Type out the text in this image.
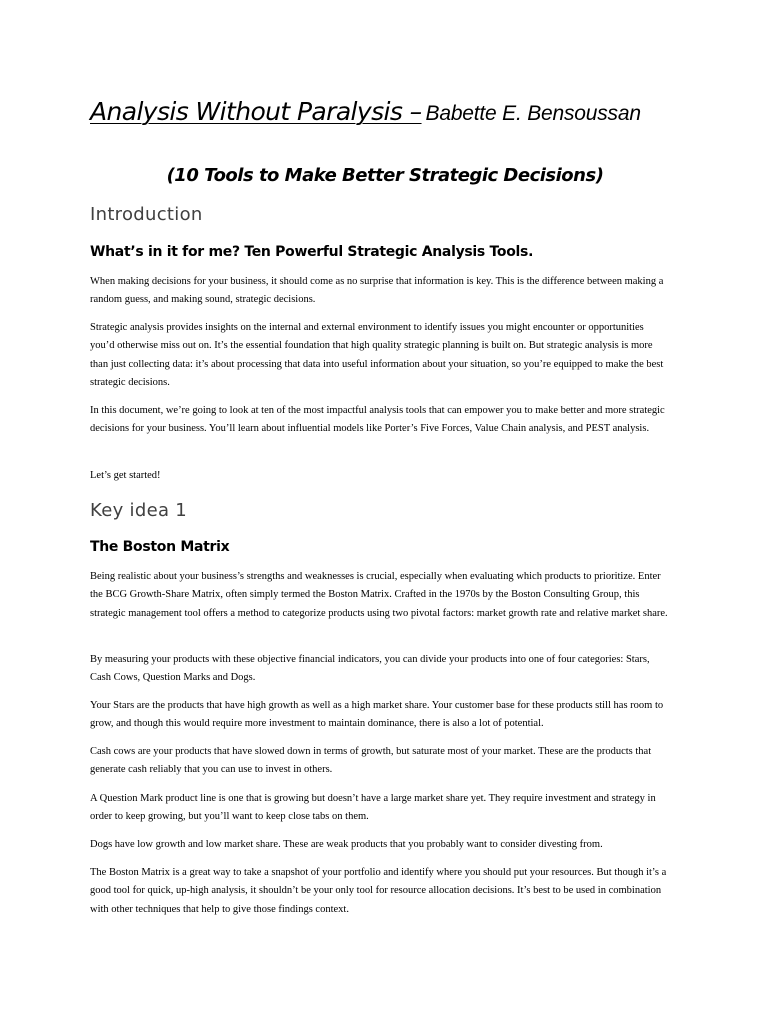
Analysis Without Paralysis – Babette E. Bensoussan
(10 Tools to Make Better Strategic Decisions)
Introduction
What’s in it for me? Ten Powerful Strategic Analysis Tools.

When making decisions for your business, it should come as no surprise that information is key. This is the difference between making a random guess, and making sound, strategic decisions.

Strategic analysis provides insights on the internal and external environment to identify issues you might encounter or opportunities you’d otherwise miss out on. It’s the essential foundation that high quality strategic planning is built on. But strategic analysis is more than just collecting data: it’s about processing that data into useful information about your situation, so you’re equipped to make the best strategic decisions.

In this document, we’re going to look at ten of the most impactful analysis tools that can empower you to make better and more strategic decisions for your business. You’ll learn about influential models like Porter’s Five Forces, Value Chain analysis, and PEST analysis.

Let’s get started!

Key idea 1
The Boston Matrix

Being realistic about your business’s strengths and weaknesses is crucial, especially when evaluating which products to prioritize. Enter the BCG Growth-Share Matrix, often simply termed the Boston Matrix. Crafted in the 1970s by the Boston Consulting Group, this strategic management tool offers a method to categorize products using two pivotal factors: market growth rate and relative market share.

By measuring your products with these objective financial indicators, you can divide your products into one of four categories: Stars, Cash Cows, Question Marks and Dogs.

Your Stars are the products that have high growth as well as a high market share. Your customer base for these products still has room to grow, and though this would require more investment to maintain dominance, there is also a lot of potential.

Cash cows are your products that have slowed down in terms of growth, but saturate most of your market. These are the products that generate cash reliably that you can use to invest in others.

A Question Mark product line is one that is growing but doesn’t have a large market share yet. They require investment and strategy in order to keep growing, but you’ll want to keep close tabs on them.

Dogs have low growth and low market share. These are weak products that you probably want to consider divesting from.

The Boston Matrix is a great way to take a snapshot of your portfolio and identify where you should put your resources. But though it’s a good tool for quick, up-high analysis, it shouldn’t be your only tool for resource allocation decisions. It’s best to be used in combination with other techniques that help to give those findings context.
